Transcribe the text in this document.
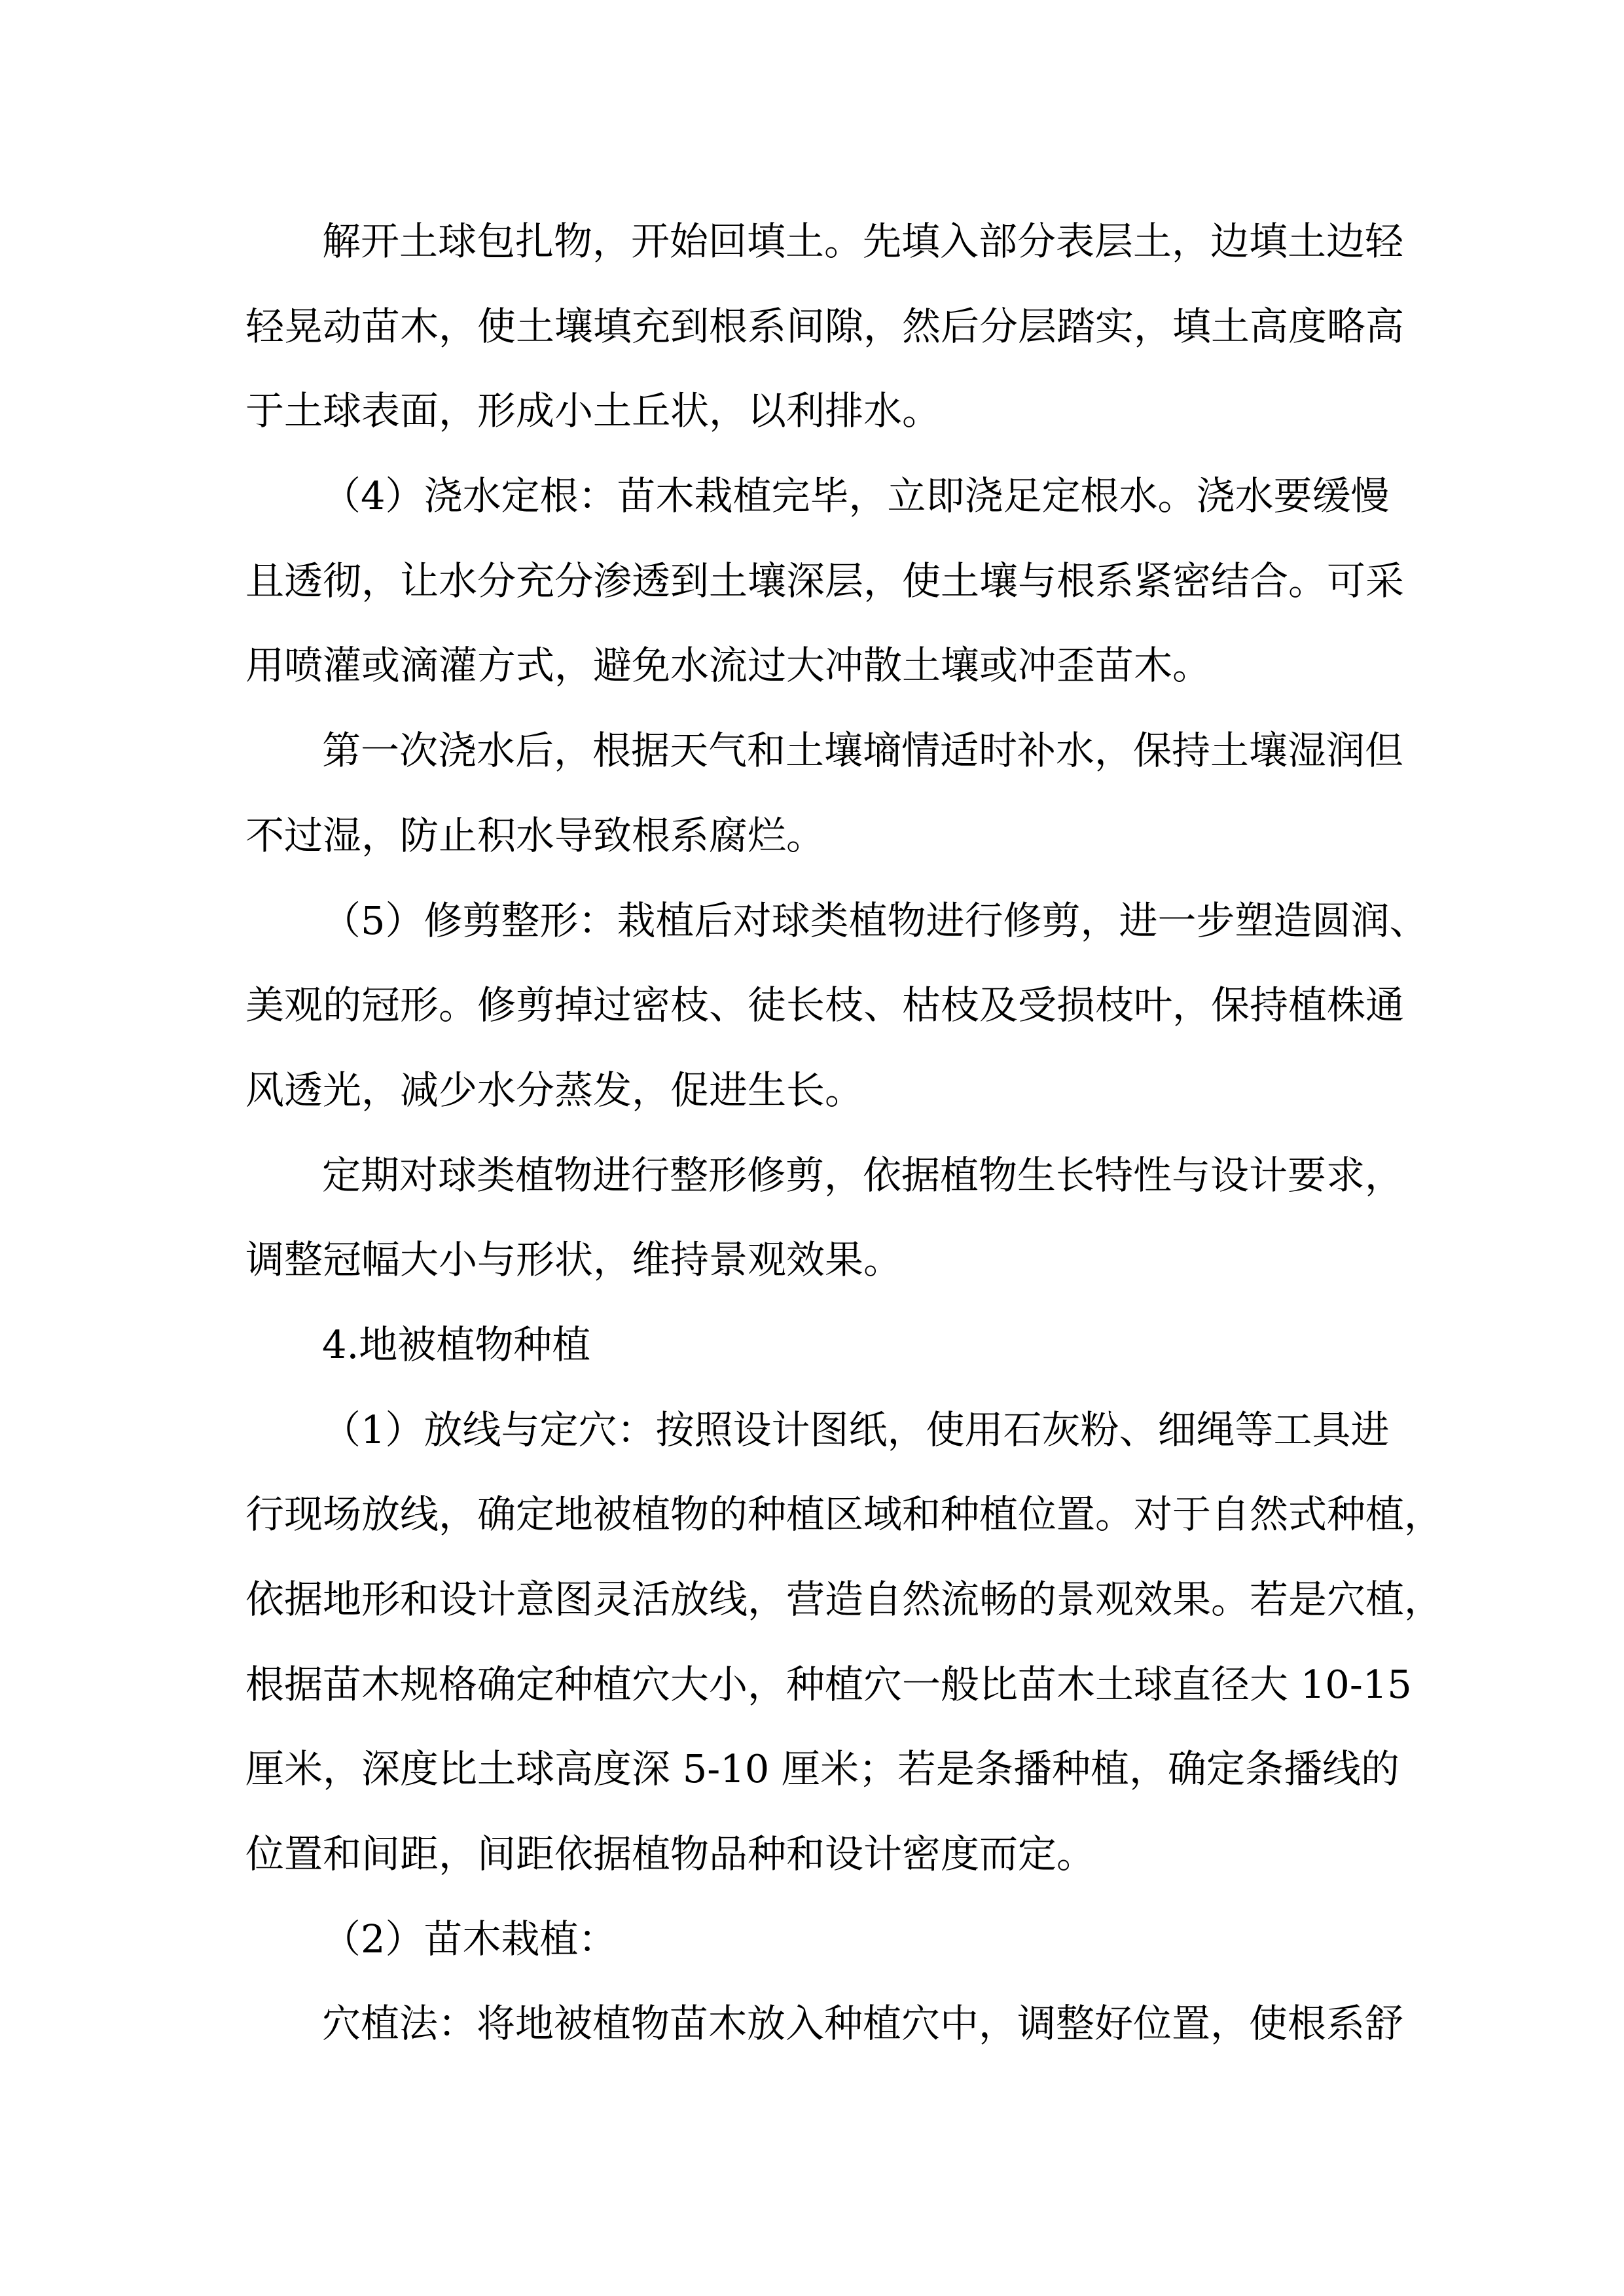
解开土球包扎物，开始回填土。先填入部分表层土，边填土边轻
轻晃动苗木，使土壤填充到根系间隙，然后分层踏实，填土高度略高
于土球表面，形成小土丘状，以利排水。
（4）浇水定根：苗木栽植完毕，立即浇足定根水。浇水要缓慢
且透彻，让水分充分渗透到土壤深层，使土壤与根系紧密结合。可采
用喷灌或滴灌方式，避免水流过大冲散土壤或冲歪苗木。
第一次浇水后，根据天气和土壤墒情适时补水，保持土壤湿润但
不过湿，防止积水导致根系腐烂。
（5）修剪整形：栽植后对球类植物进行修剪，进一步塑造圆润、
美观的冠形。修剪掉过密枝、徒长枝、枯枝及受损枝叶，保持植株通
风透光，减少水分蒸发，促进生长。
定期对球类植物进行整形修剪，依据植物生长特性与设计要求，
调整冠幅大小与形状，维持景观效果。
4.地被植物种植
（1）放线与定穴：按照设计图纸，使用石灰粉、细绳等工具进
行现场放线，确定地被植物的种植区域和种植位置。对于自然式种植，
依据地形和设计意图灵活放线，营造自然流畅的景观效果。若是穴植，
根据苗木规格确定种植穴大小，种植穴一般比苗木土球直径大 10-15
厘米，深度比土球高度深 5-10 厘米；若是条播种植，确定条播线的
位置和间距，间距依据植物品种和设计密度而定。
（2）苗木栽植：
穴植法：将地被植物苗木放入种植穴中，调整好位置，使根系舒
